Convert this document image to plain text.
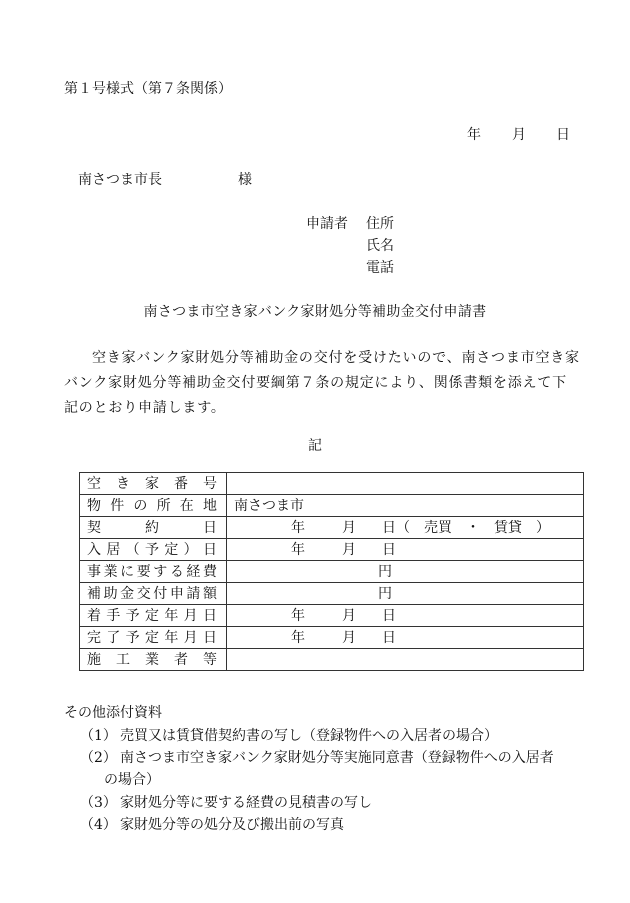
第１号様式（第７条関係）
年 月 日
南さつま市長	様
申請者 住所
氏名
電話
南さつま市空き家バンク家財処分等補助金交付申請書
空き家バンク家財処分等補助金の交付を受けたいので、南さつま市空き家バンク家財処分等補助金交付要綱第７条の規定により、関係書類を添えて下記のとおり申請します。
記
空き家番号	

物件の所在地	南さつま市

契約日	年 月 日 （　売買　・　賃貸　）

入居（予定）日	年 月 日

事業に要する経費	円

補助金交付申請額	円

着手予定年月日	年 月 日

完了予定年月日	年 月 日

施工業者等	

その他添付資料
（1） 売買又は賃貸借契約書の写し（登録物件への入居者の場合）
（2） 南さつま市空き家バンク家財処分等実施同意書（登録物件への入居者
の場合）
（3） 家財処分等に要する経費の見積書の写し
（4） 家財処分等の処分及び搬出前の写真
